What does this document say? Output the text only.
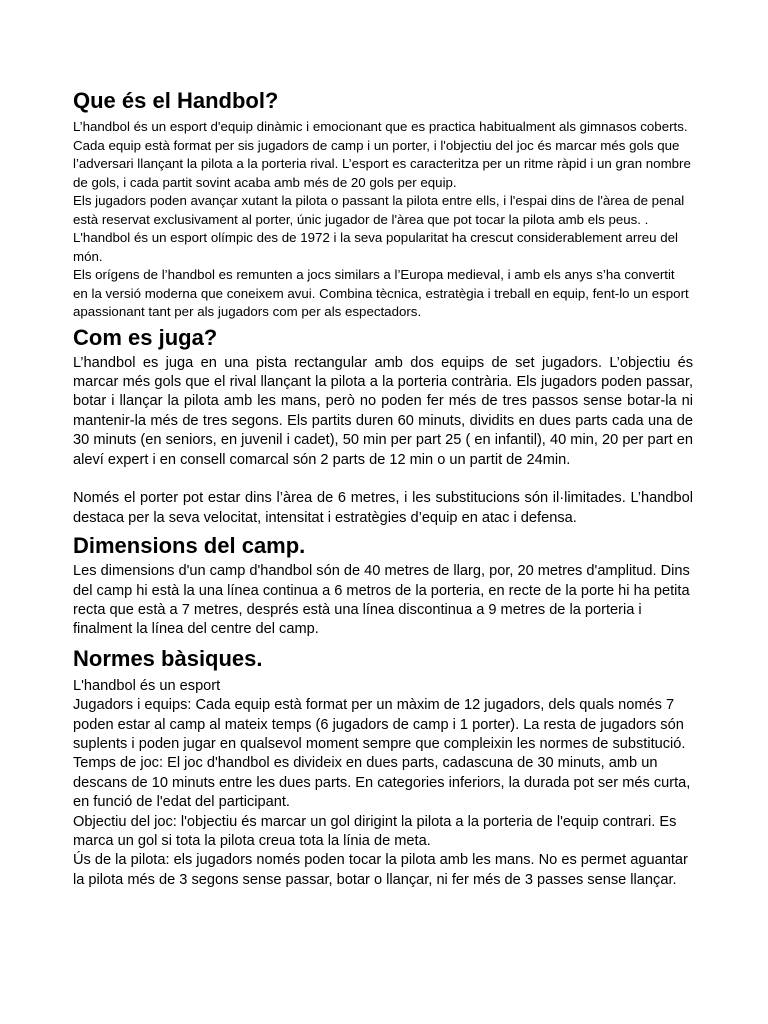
Que és el Handbol?

L’handbol és un esport d'equip dinàmic i emocionant que es practica habitualment als gimnasos coberts. Cada equip està format per sis jugadors de camp i un porter, i l'objectiu del joc és marcar més gols que l’adversari llançant la pilota a la porteria rival. L’esport es caracteritza per un ritme ràpid i un gran nombre de gols, i cada partit sovint acaba amb més de 20 gols per equip.

Els jugadors poden avançar xutant la pilota o passant la pilota entre ells, i l'espai dins de l'àrea de penal està reservat exclusivament al porter, únic jugador de l'àrea que pot tocar la pilota amb els peus. . L'handbol és un esport olímpic des de 1972 i la seva popularitat ha crescut considerablement arreu del món.

Els orígens de l’handbol es remunten a jocs similars a l’Europa medieval, i amb els anys s’ha convertit en la versió moderna que coneixem avui. Combina tècnica, estratègia i treball en equip, fent-lo un esport apassionant tant per als jugadors com per als espectadors.

Com es juga?

L’handbol es juga en una pista rectangular amb dos equips de set jugadors. L’objectiu és marcar més gols que el rival llançant la pilota a la porteria contrària. Els jugadors poden passar, botar i llançar la pilota amb les mans, però no poden fer més de tres passos sense botar-la ni mantenir-la més de tres segons. Els partits duren 60 minuts, dividits en dues parts cada una de 30 minuts (en seniors, en juvenil i cadet), 50 min per part 25 ( en infantil), 40 min, 20 per part en aleví expert i en consell comarcal són 2 parts de 12 min o un partit de 24min.

Només el porter pot estar dins l’àrea de 6 metres, i les substitucions són il·limitades. L’handbol destaca per la seva velocitat, intensitat i estratègies d’equip en atac i defensa.

Dimensions del camp.

Les dimensions d'un camp d'handbol són de 40 metres de llarg, por, 20 metres d'amplitud. Dins del camp hi està la una línea continua a 6 metros de la porteria, en recte de la porte hi ha petita recta que està a 7 metres, després està una línea discontinua a 9 metres de la porteria i finalment la línea del centre del camp.

Normes bàsiques.

L'handbol és un esport

Jugadors i equips: Cada equip està format per un màxim de 12 jugadors, dels quals només 7 poden estar al camp al mateix temps (6 jugadors de camp i 1 porter). La resta de jugadors són suplents i poden jugar en qualsevol moment sempre que compleixin les normes de substitució.

Temps de joc: El joc d'handbol es divideix en dues parts, cadascuna de 30 minuts, amb un descans de 10 minuts entre les dues parts. En categories inferiors, la durada pot ser més curta, en funció de l'edat del participant.

Objectiu del joc: l'objectiu és marcar un gol dirigint la pilota a la porteria de l'equip contrari. Es marca un gol si tota la pilota creua tota la línia de meta.

Ús de la pilota: els jugadors només poden tocar la pilota amb les mans. No es permet aguantar la pilota més de 3 segons sense passar, botar o llançar, ni fer més de 3 passes sense llançar.
